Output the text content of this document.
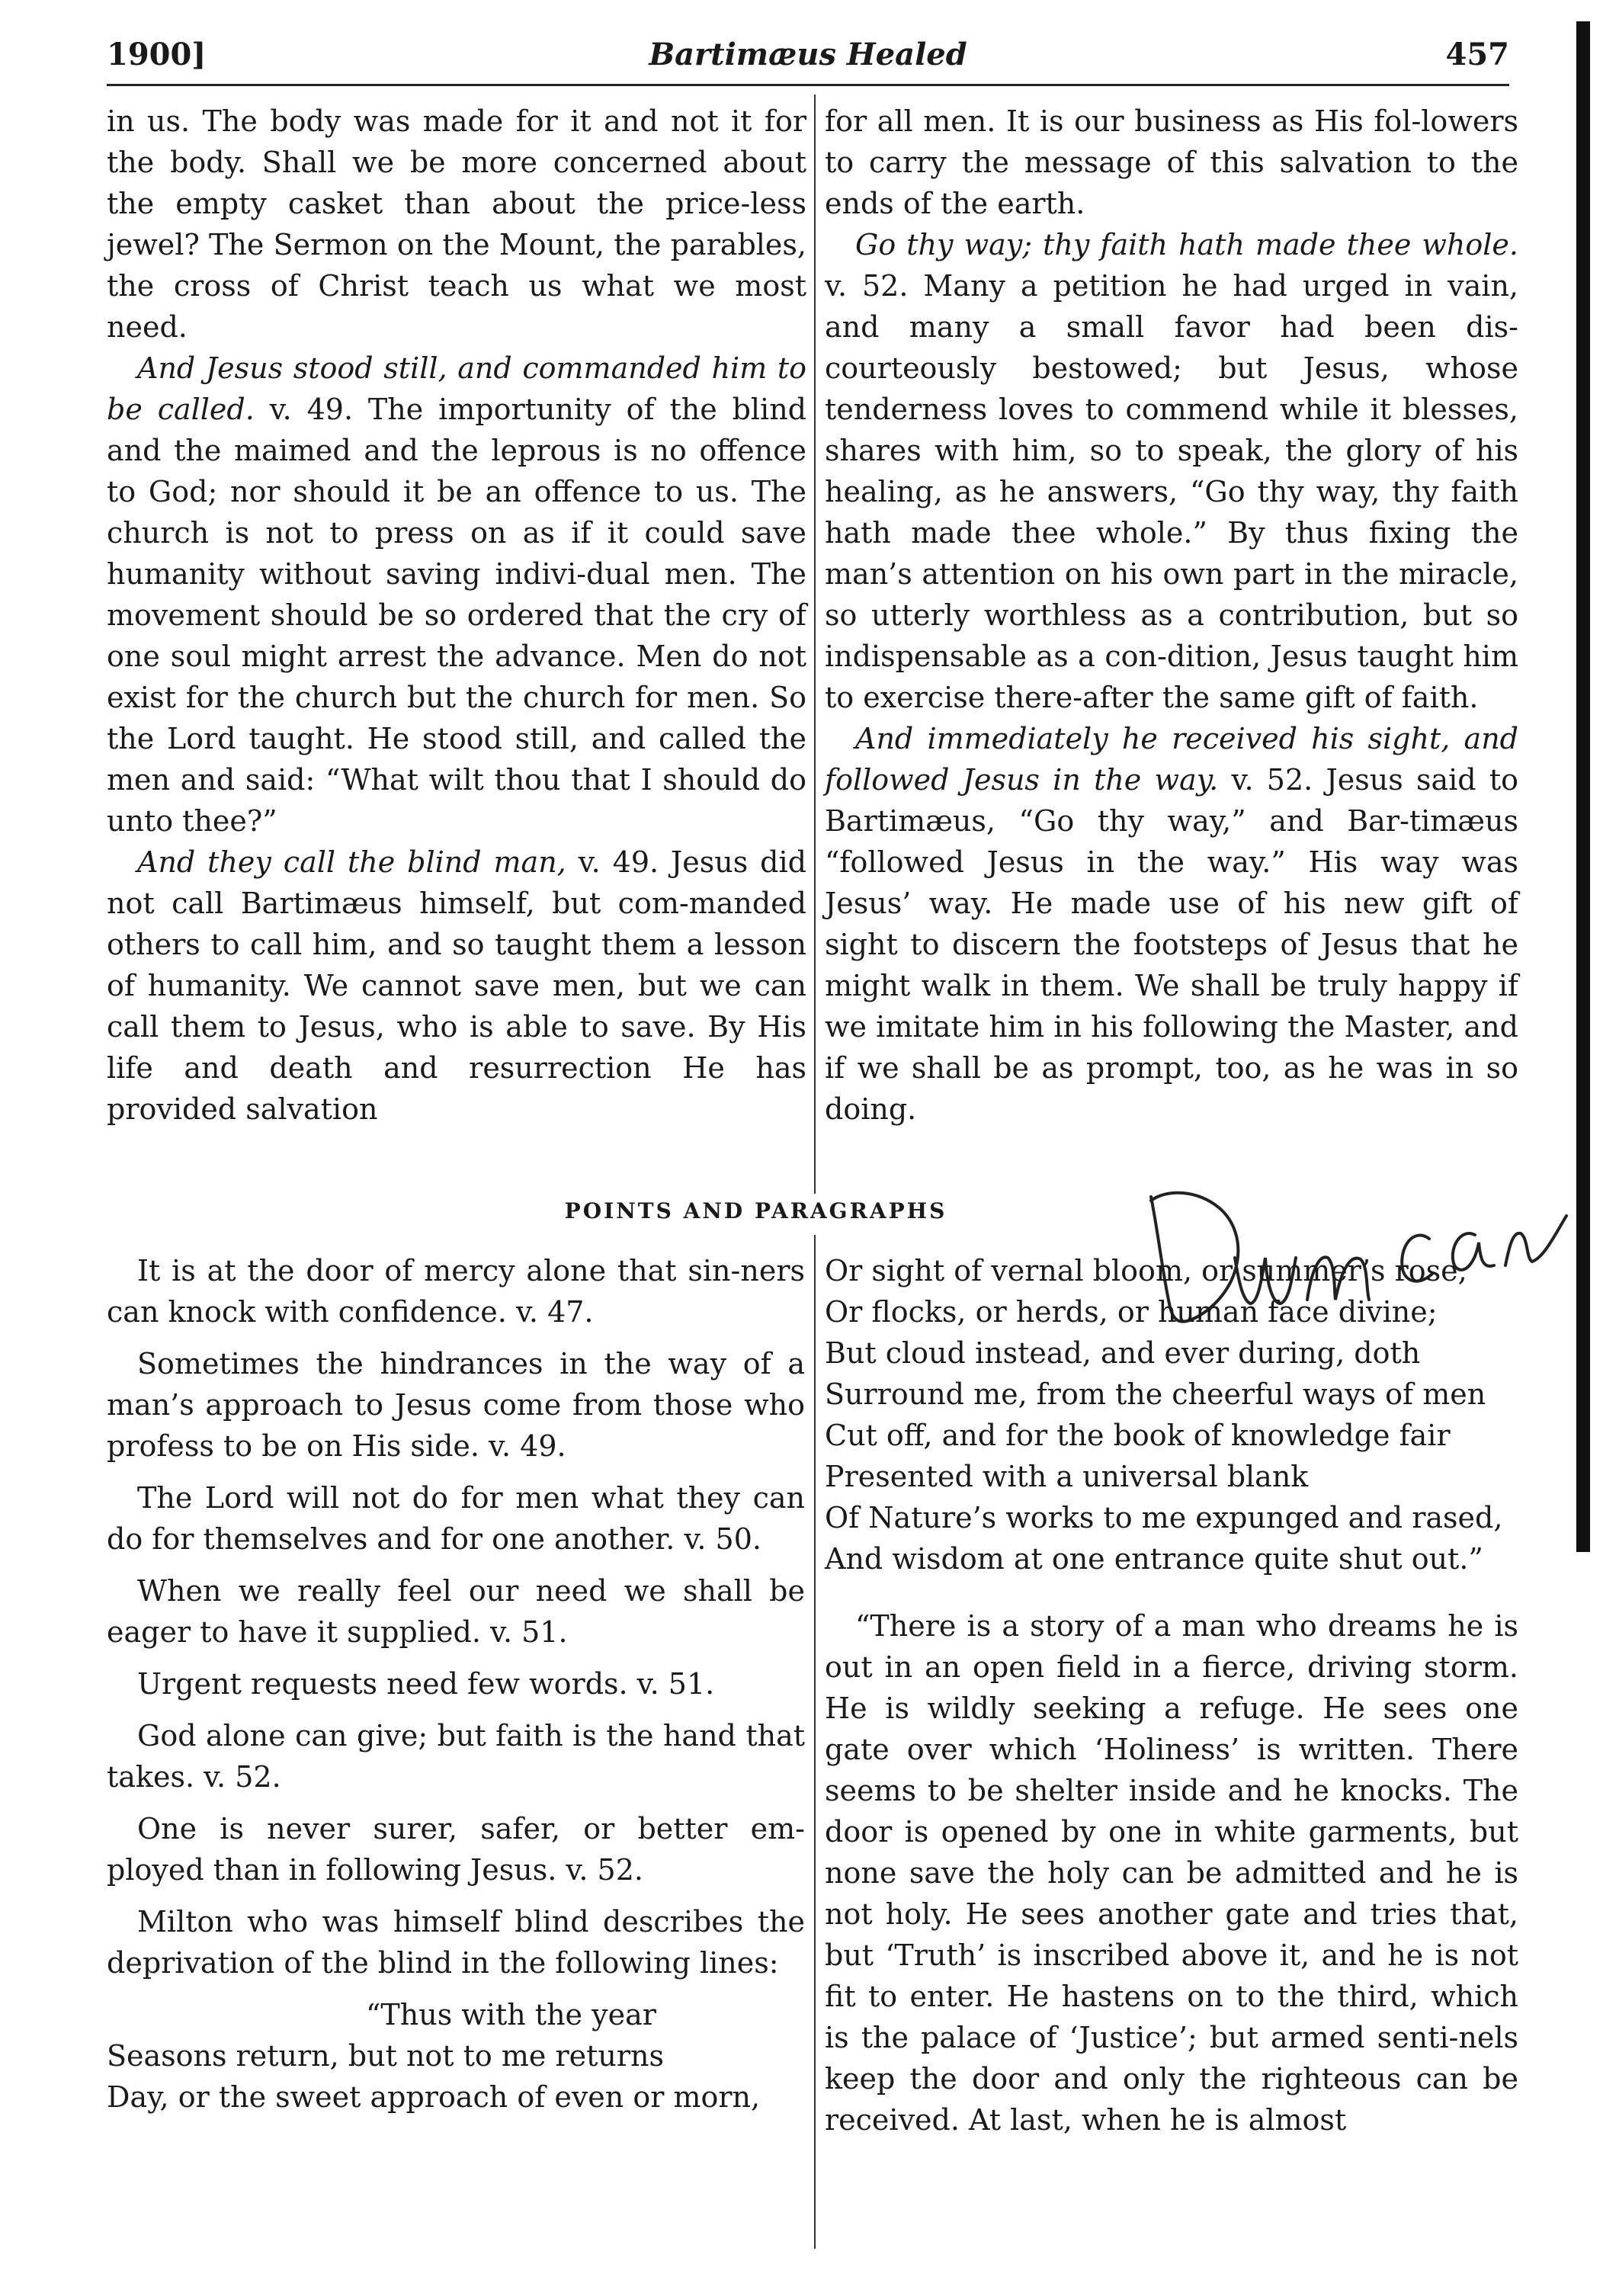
1900]	Bartimæus Healed	457

in us. The body was made for it and not it for the body. Shall we be more concerned about the empty casket than about the price-less jewel? The Sermon on the Mount, the parables, the cross of Christ teach us what we most need.

And Jesus stood still, and commanded him to be called. v. 49. The importunity of the blind and the maimed and the leprous is no offence to God; nor should it be an offence to us. The church is not to press on as if it could save humanity without saving indivi-dual men. The movement should be so ordered that the cry of one soul might arrest the advance. Men do not exist for the church but the church for men. So the Lord taught. He stood still, and called the men and said: “What wilt thou that I should do unto thee?”

And they call the blind man, v. 49. Jesus did not call Bartimæus himself, but com-manded others to call him, and so taught them a lesson of humanity. We cannot save men, but we can call them to Jesus, who is able to save. By His life and death and resurrection He has provided salvation

for all men. It is our business as His fol-lowers to carry the message of this salvation to the ends of the earth.

Go thy way; thy faith hath made thee whole. v. 52. Many a petition he had urged in vain, and many a small favor had been dis-courteously bestowed; but Jesus, whose tenderness loves to commend while it blesses, shares with him, so to speak, the glory of his healing, as he answers, “Go thy way, thy faith hath made thee whole.” By thus fixing the man’s attention on his own part in the miracle, so utterly worthless as a contribution, but so indispensable as a con-dition, Jesus taught him to exercise there-after the same gift of faith.

And immediately he received his sight, and followed Jesus in the way. v. 52. Jesus said to Bartimæus, “Go thy way,” and Bar-timæus “followed Jesus in the way.” His way was Jesus’ way. He made use of his new gift of sight to discern the footsteps of Jesus that he might walk in them. We shall be truly happy if we imitate him in his following the Master, and if we shall be as prompt, too, as he was in so doing.

POINTS AND PARAGRAPHS

It is at the door of mercy alone that sin-ners can knock with confidence. v. 47.

Sometimes the hindrances in the way of a man’s approach to Jesus come from those who profess to be on His side. v. 49.

The Lord will not do for men what they can do for themselves and for one another. v. 50.

When we really feel our need we shall be eager to have it supplied. v. 51.

Urgent requests need few words. v. 51.

God alone can give; but faith is the hand that takes. v. 52.

One is never surer, safer, or better em-ployed than in following Jesus. v. 52.

Milton who was himself blind describes the deprivation of the blind in the following lines:

“Thus with the year

Seasons return, but not to me returns

Day, or the sweet approach of even or morn,

Or sight of vernal bloom, or summer’s rose,

Or flocks, or herds, or human face divine;

But cloud instead, and ever during, doth

Surround me, from the cheerful ways of men

Cut off, and for the book of knowledge fair

Presented with a universal blank

Of Nature’s works to me expunged and rased,

And wisdom at one entrance quite shut out.”

“There is a story of a man who dreams he is out in an open field in a fierce, driving storm. He is wildly seeking a refuge. He sees one gate over which ‘Holiness’ is written. There seems to be shelter inside and he knocks. The door is opened by one in white garments, but none save the holy can be admitted and he is not holy. He sees another gate and tries that, but ‘Truth’ is inscribed above it, and he is not fit to enter. He hastens on to the third, which is the palace of ‘Justice’; but armed senti-nels keep the door and only the righteous can be received. At last, when he is almost
